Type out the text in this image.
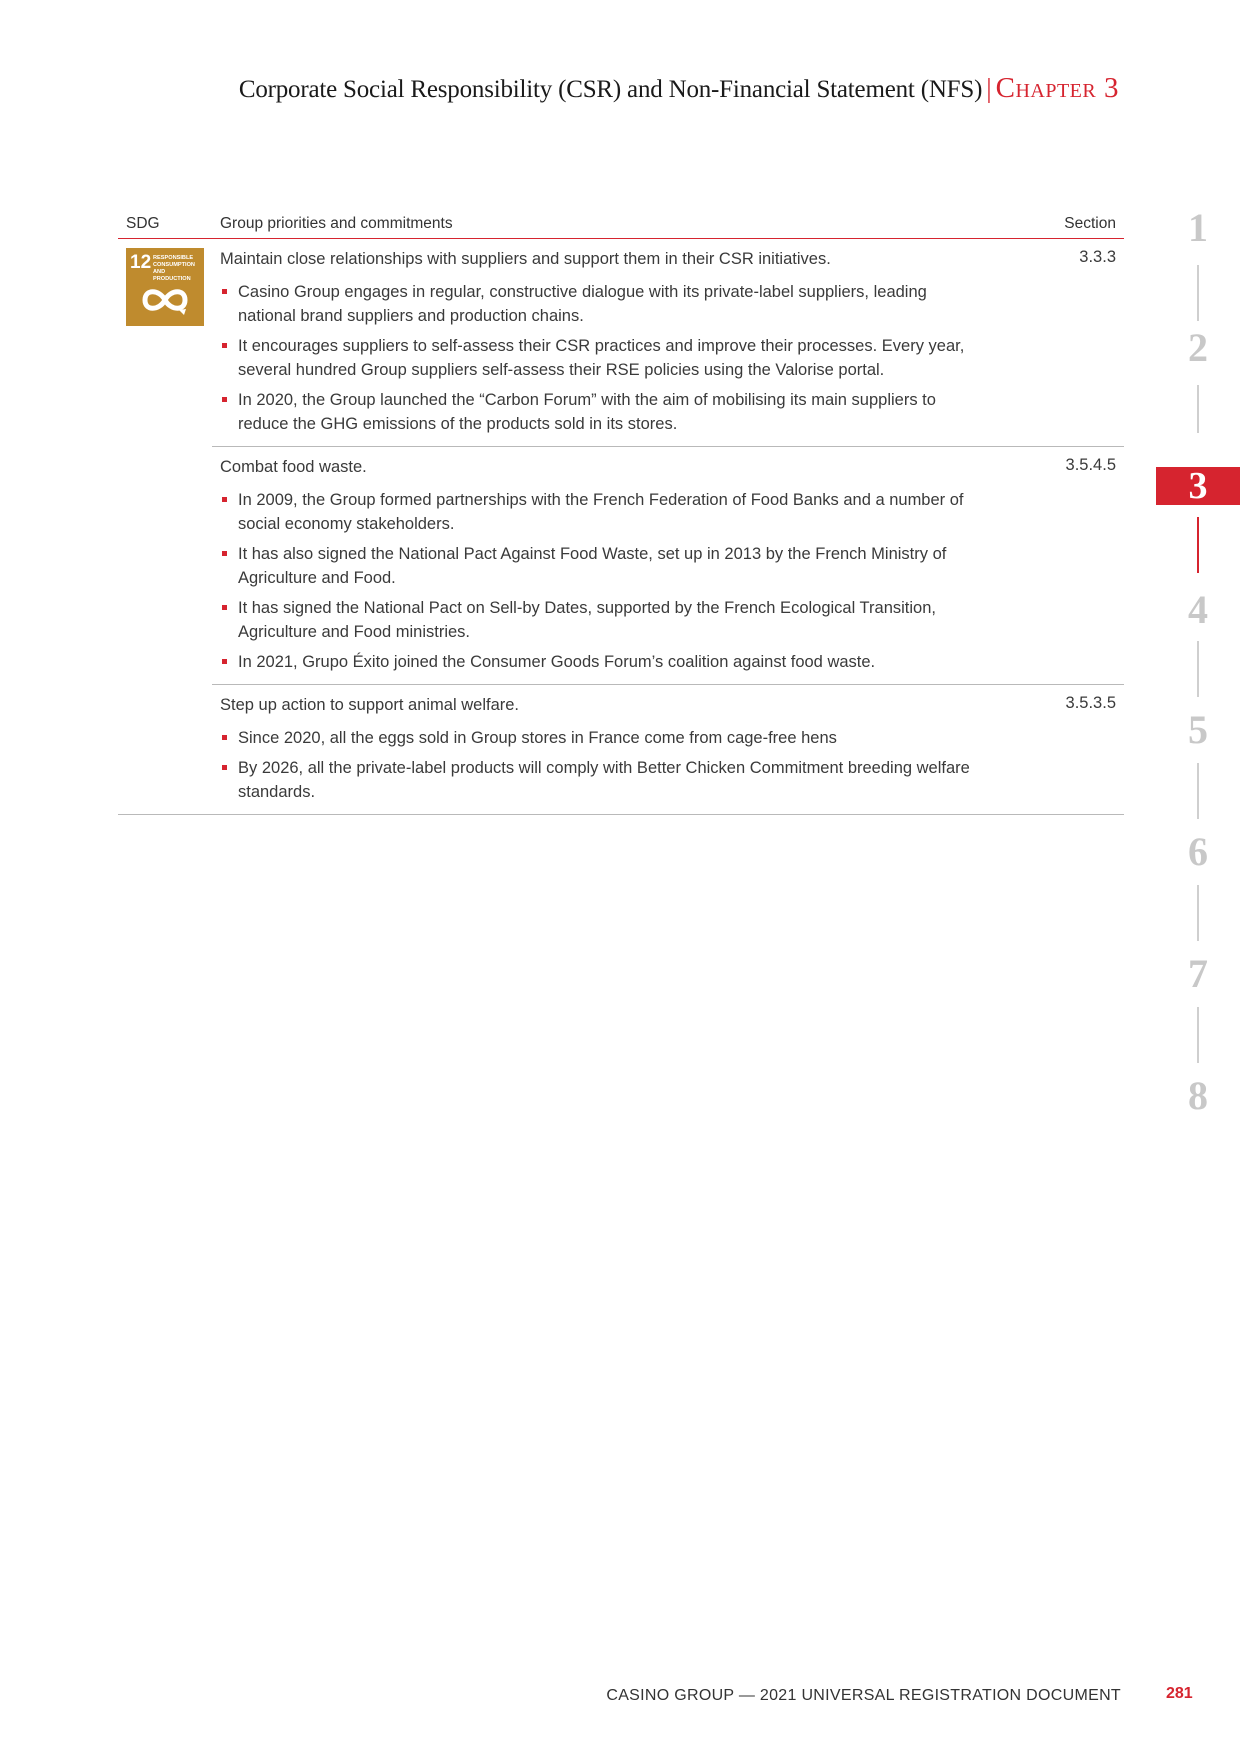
Corporate Social Responsibility (CSR) and Non-Financial Statement (NFS) | Chapter 3
SDG	Group priorities and commitments	Section
12 RESPONSIBLE
CONSUMPTION
AND PRODUCTION
Maintain close relationships with suppliers and support them in their CSR initiatives.	3.3.3
Casino Group engages in regular, constructive dialogue with its private-label suppliers, leading national brand suppliers and production chains.
It encourages suppliers to self-assess their CSR practices and improve their processes. Every year, several hundred Group suppliers self-assess their RSE policies using the Valorise portal.
In 2020, the Group launched the “Carbon Forum” with the aim of mobilising its main suppliers to reduce the GHG emissions of the products sold in its stores.
Combat food waste.	3.5.4.5
In 2009, the Group formed partnerships with the French Federation of Food Banks and a number of social economy stakeholders.
It has also signed the National Pact Against Food Waste, set up in 2013 by the French Ministry of Agriculture and Food.
It has signed the National Pact on Sell-by Dates, supported by the French Ecological Transition, Agriculture and Food ministries.
In 2021, Grupo Éxito joined the Consumer Goods Forum’s coalition against food waste.
Step up action to support animal welfare.	3.5.3.5
Since 2020, all the eggs sold in Group stores in France come from cage-free hens
By 2026, all the private-label products will comply with Better Chicken Commitment breeding welfare standards.
1
2
3
4
5
6
7
8
CASINO GROUP — 2021 UNIVERSAL REGISTRATION DOCUMENT	281
